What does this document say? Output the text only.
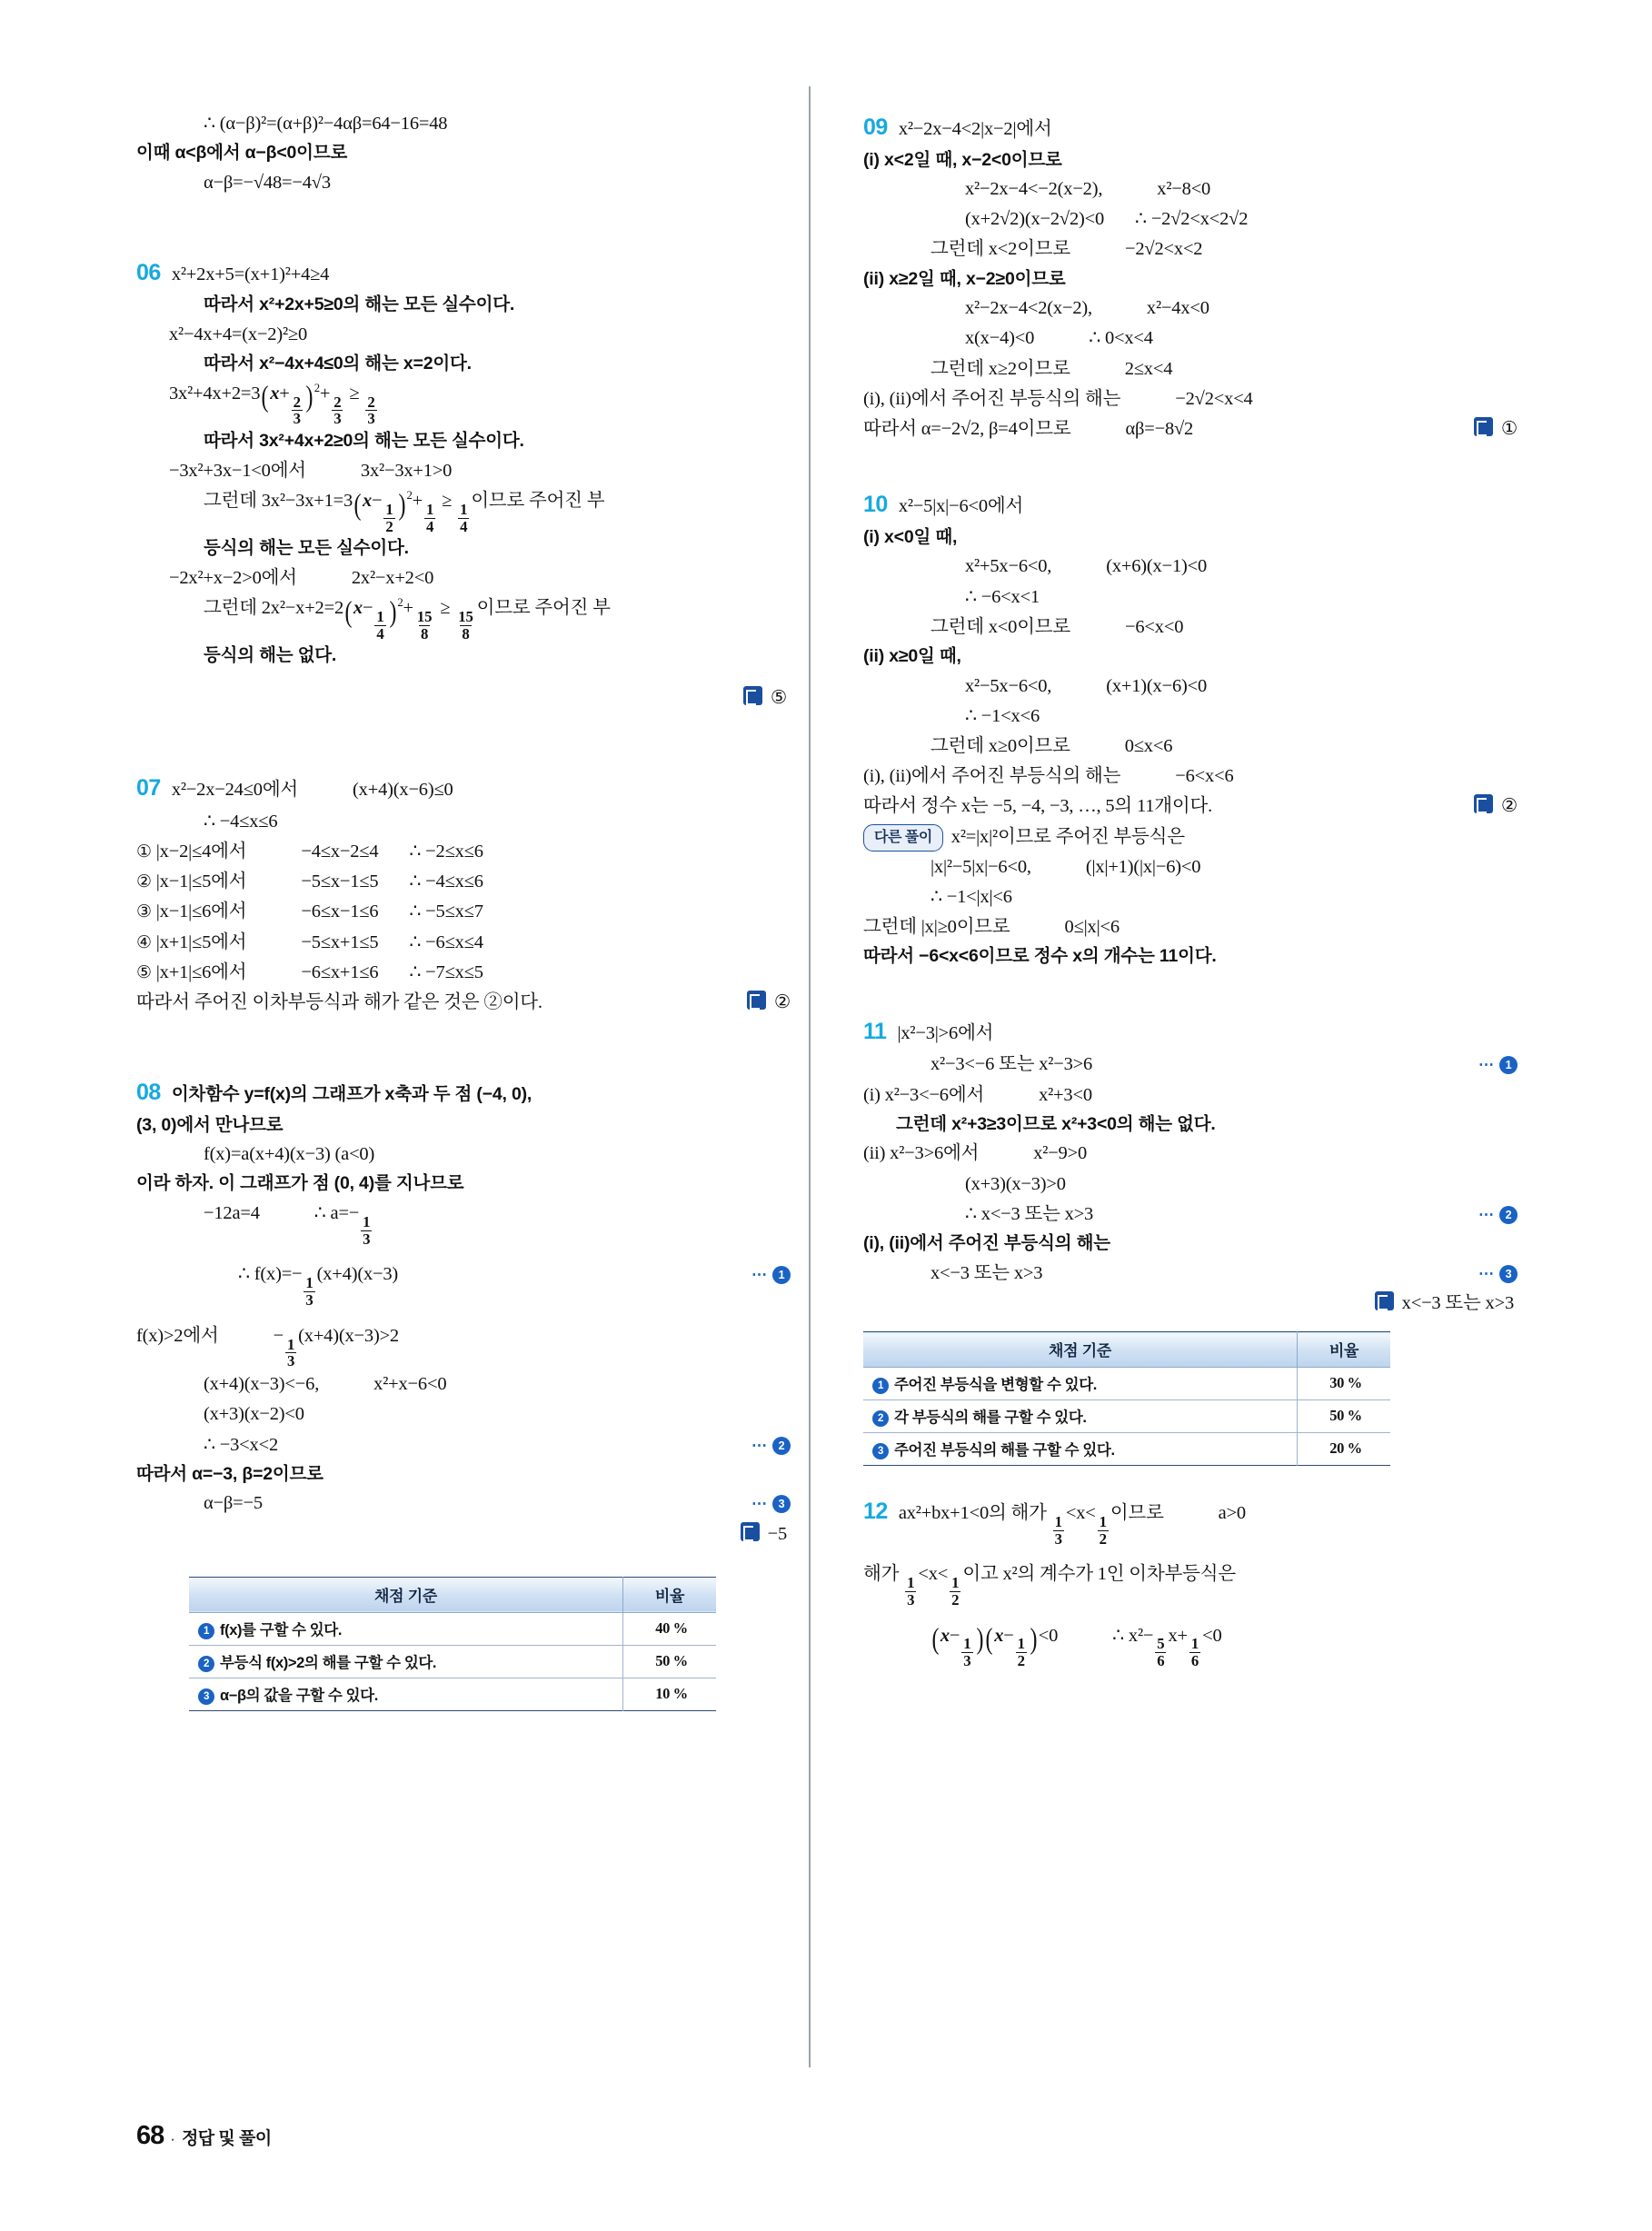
∴ (α−β)²=(α+β)²−4αβ=64−16=48
이때 α<β에서 α−β<0이므로
α−β=−√48=−4√3
06 x²+2x+5=(x+1)²+4≥4
따라서 x²+2x+5≥0의 해는 모든 실수이다.
x²−4x+4=(x−2)²≥0
따라서 x²−4x+4≤0의 해는 x=2이다.
3x²+4x+2=3(x+
$\frac{2}{3}$ ) $^2$+
$\frac{2}{3}$
≥
$\frac{2}{3}$
따라서 3x²+4x+2≥0의 해는 모든 실수이다.
−3x²+3x−1<0에서	3x²−3x+1>0
그런데 3x²−3x+1=3(x−
$\frac{1}{2}$ ) $^2$+
$\frac{1}{4}$
≥
$\frac{1}{4}$
이므로 주어진 부
등식의 해는 모든 실수이다.
−2x²+x−2>0에서	2x²−x+2<0
그런데 2x²−x+2=2(x−
$\frac{1}{4}$ ) $^2$+
$\frac{15}{8}$
≥
$\frac{15}{8}$
이므로 주어진 부
등식의 해는 없다.
⑤
07 x²−2x−24≤0에서	(x+4)(x−6)≤0
∴ −4≤x≤6
① |x−2|≤4에서	−4≤x−2≤4 ∴ −2≤x≤6
② |x−1|≤5에서	−5≤x−1≤5 ∴ −4≤x≤6
③ |x−1|≤6에서	−6≤x−1≤6 ∴ −5≤x≤7
④ |x+1|≤5에서	−5≤x+1≤5 ∴ −6≤x≤4
⑤ |x+1|≤6에서	−6≤x+1≤6 ∴ −7≤x≤5
따라서 주어진 이차부등식과 해가 같은 것은 ②이다.	②
08 이차함수 y=f(x)의 그래프가 x축과 두 점 (−4, 0),
(3, 0)에서 만나므로
f(x)=a(x+4)(x−3) (a<0)
이라 하자. 이 그래프가 점 (0, 4)를 지나므로
−12a=4	∴ a=−
$\frac{1}{3}$
∴ f(x)=−
$\frac{1}{3}$
(x+4)(x−3)	⋯ 1
f(x)>2에서	−
$\frac{1}{3}$
(x+4)(x−3)>2
(x+4)(x−3)<−6,	x²+x−6<0
(x+3)(x−2)<0
∴ −3<x<2	⋯ 2
따라서 α=−3, β=2이므로
α−β=−5	⋯ 3
−5
채점 기준	비율
1 f(x)를 구할 수 있다.	40 %
2 부등식 f(x)>2의 해를 구할 수 있다.	50 %
3 α−β의 값을 구할 수 있다.	10 %
09 x²−2x−4<2|x−2|에서
(i) x<2일 때, x−2<0이므로
x²−2x−4<−2(x−2),	x²−8<0
(x+2√2)(x−2√2)<0 ∴ −2√2<x<2√2
그런데 x<2이므로	−2√2<x<2
(ii) x≥2일 때, x−2≥0이므로
x²−2x−4<2(x−2),	x²−4x<0
x(x−4)<0	∴ 0<x<4
그런데 x≥2이므로	2≤x<4
(i), (ii)에서 주어진 부등식의 해는	−2√2<x<4
따라서 α=−2√2, β=4이므로	αβ=−8√2	①
10 x²−5|x|−6<0에서
(i) x<0일 때,
x²+5x−6<0,	(x+6)(x−1)<0
∴ −6<x<1
그런데 x<0이므로	−6<x<0
(ii) x≥0일 때,
x²−5x−6<0,	(x+1)(x−6)<0
∴ −1<x<6
그런데 x≥0이므로	0≤x<6
(i), (ii)에서 주어진 부등식의 해는	−6<x<6
따라서 정수 x는 −5, −4, −3, …, 5의 11개이다.	②
다른 풀이 x²=|x|²이므로 주어진 부등식은
|x|²−5|x|−6<0,	(|x|+1)(|x|−6)<0
∴ −1<|x|<6
그런데 |x|≥0이므로	0≤|x|<6
따라서 −6<x<6이므로 정수 x의 개수는 11이다.
11 |x²−3|>6에서
x²−3<−6 또는 x²−3>6	⋯ 1
(i) x²−3<−6에서	x²+3<0
그런데 x²+3≥3이므로 x²+3<0의 해는 없다.
(ii) x²−3>6에서	x²−9>0
(x+3)(x−3)>0
∴ x<−3 또는 x>3	⋯ 2
(i), (ii)에서 주어진 부등식의 해는
x<−3 또는 x>3	⋯ 3
x<−3 또는 x>3
채점 기준	비율
1 주어진 부등식을 변형할 수 있다.	30 %
2 각 부등식의 해를 구할 수 있다.	50 %
3 주어진 부등식의 해를 구할 수 있다.	20 %
12 ax²+bx+1<0의 해가
$\frac{1}{3}$
<x<
$\frac{1}{2}$
이므로	a>0
해가
$\frac{1}{3}$
<x<
$\frac{1}{2}$
이고 x²의 계수가 1인 이차부등식은
(x−
$\frac{1}{3} )(x-$
$\frac{1}{2} )<0$	∴ x²−
$\frac{5}{6}$
x+
$\frac{1}{6}$
<0
68 · 정답 및 풀이
